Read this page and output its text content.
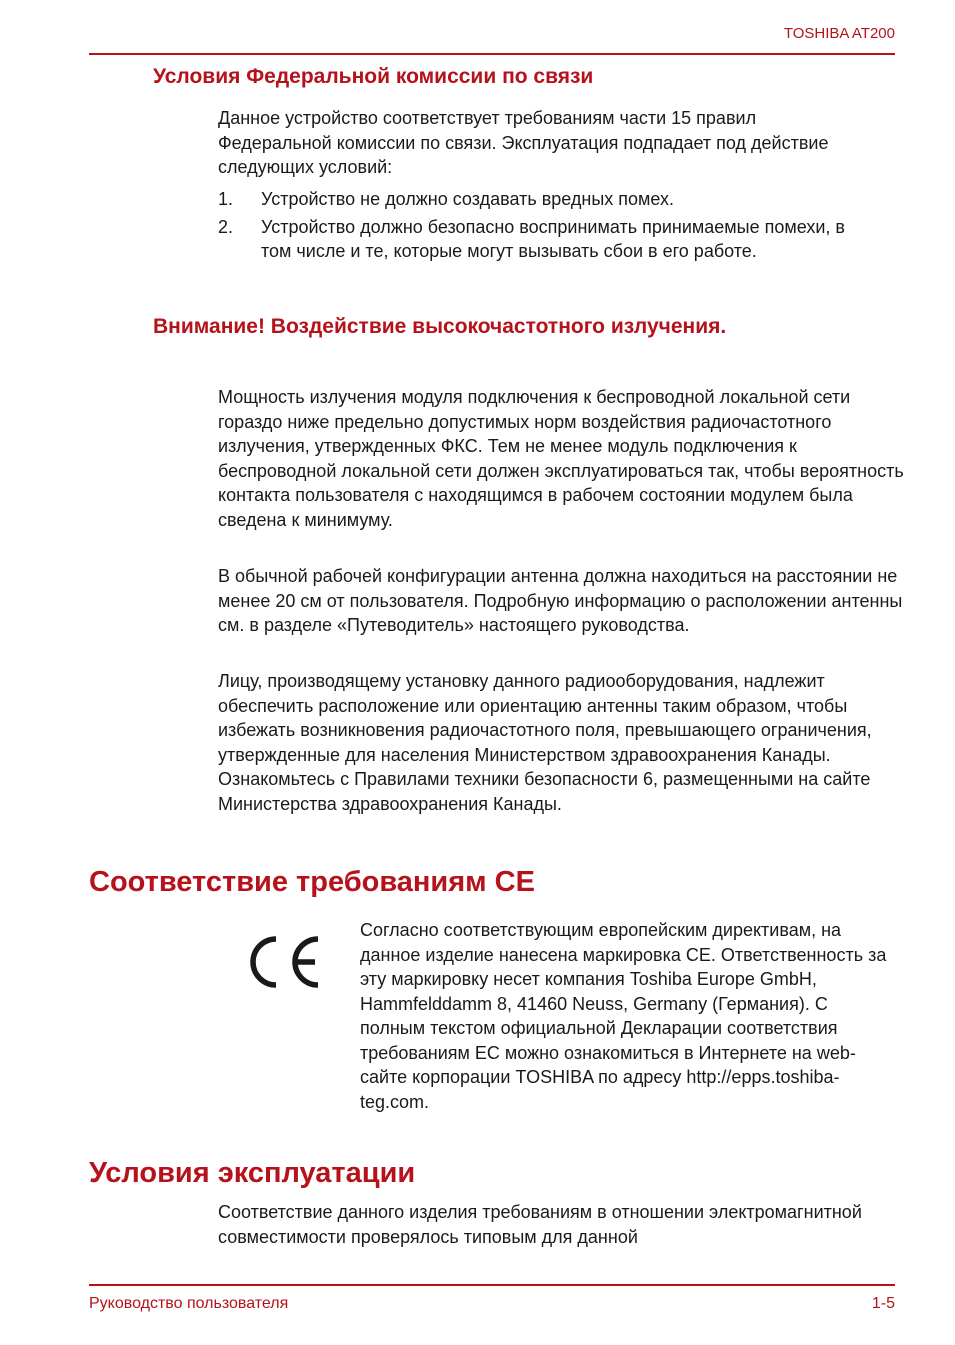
TOSHIBA AT200
Условия Федеральной комиссии по связи
Данное устройство соответствует требованиям части 15 правил Федеральной комиссии по связи. Эксплуатация подпадает под действие следующих условий:
1. Устройство не должно создавать вредных помех.
2. Устройство должно безопасно воспринимать принимаемые помехи, в том числе и те, которые могут вызывать сбои в его работе.
Внимание! Воздействие высокочастотного излучения.
Мощность излучения модуля подключения к беспроводной локальной сети гораздо ниже предельно допустимых норм воздействия радиочастотного излучения, утвержденных ФКС. Тем не менее модуль подключения к беспроводной локальной сети должен эксплуатироваться так, чтобы вероятность контакта пользователя с находящимся в рабочем состоянии модулем была сведена к минимуму.
В обычной рабочей конфигурации антенна должна находиться на расстоянии не менее 20 см от пользователя. Подробную информацию о расположении антенны см. в разделе «Путеводитель» настоящего руководства.
Лицу, производящему установку данного радиооборудования, надлежит обеспечить расположение или ориентацию антенны таким образом, чтобы избежать возникновения радиочастотного поля, превышающего ограничения, утвержденные для населения Министерством здравоохранения Канады. Ознакомьтесь с Правилами техники безопасности 6, размещенными на сайте Министерства здравоохранения Канады.
Соответствие требованиям CE
Согласно соответствующим европейским директивам, на данное изделие нанесена маркировка CE. Ответственность за эту маркировку несет компания Toshiba Europe GmbH, Hammfelddamm 8, 41460 Neuss, Germany (Германия). С полным текстом официальной Декларации соответствия требованиям ЕС можно ознакомиться в Интернете на web-сайте корпорации TOSHIBA по адресу http://epps.toshiba-teg.com.
Условия эксплуатации
Соответствие данного изделия требованиям в отношении электромагнитной совместимости проверялось типовым для данной
Руководство пользователя	1-5
